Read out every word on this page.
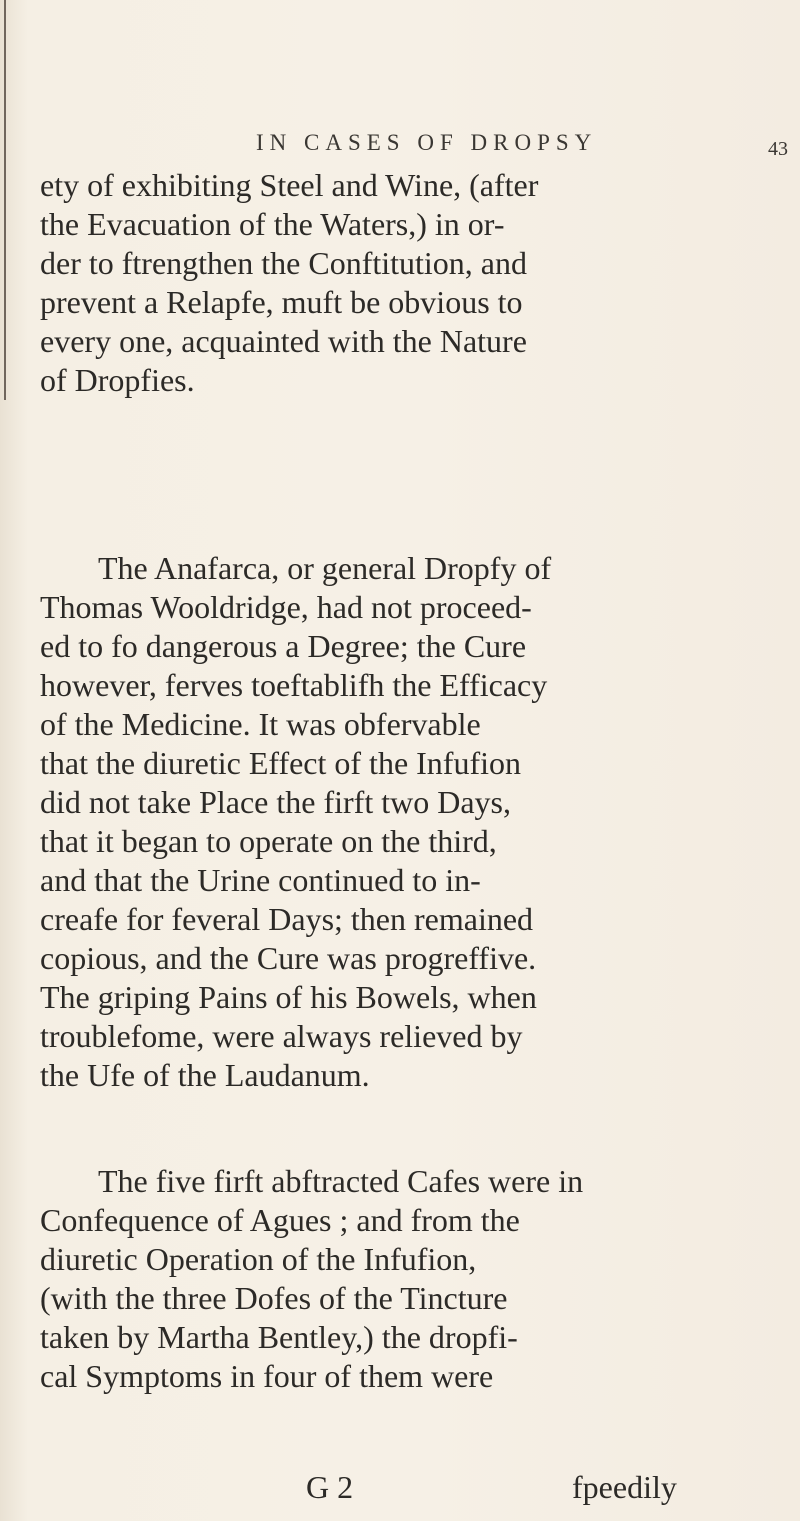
IN CASES OF DROPSY	43
ety of exhibiting Steel and Wine, (after
the Evacuation of the Waters,) in or-
der to ftrengthen the Conftitution, and
prevent a Relapfe, muft be obvious to
every one, acquainted with the Nature
of Dropfies.
The Anafarca, or general Dropfy of
Thomas Wooldridge, had not proceed-
ed to fo dangerous a Degree; the Cure
however, ferves toeftablifh the Efficacy
of the Medicine. It was obfervable
that the diuretic Effect of the Infufion
did not take Place the firft two Days,
that it began to operate on the third,
and that the Urine continued to in-
creafe for feveral Days; then remained
copious, and the Cure was progreffive.
The griping Pains of his Bowels, when
troublefome, were always relieved by
the Ufe of the Laudanum.
The five firft abftracted Cafes were in
Confequence of Agues ; and from the
diuretic Operation of the Infufion,
(with the three Dofes of the Tincture
taken by Martha Bentley,) the dropfi-
cal Symptoms in four of them were
G 2	fpeedily
